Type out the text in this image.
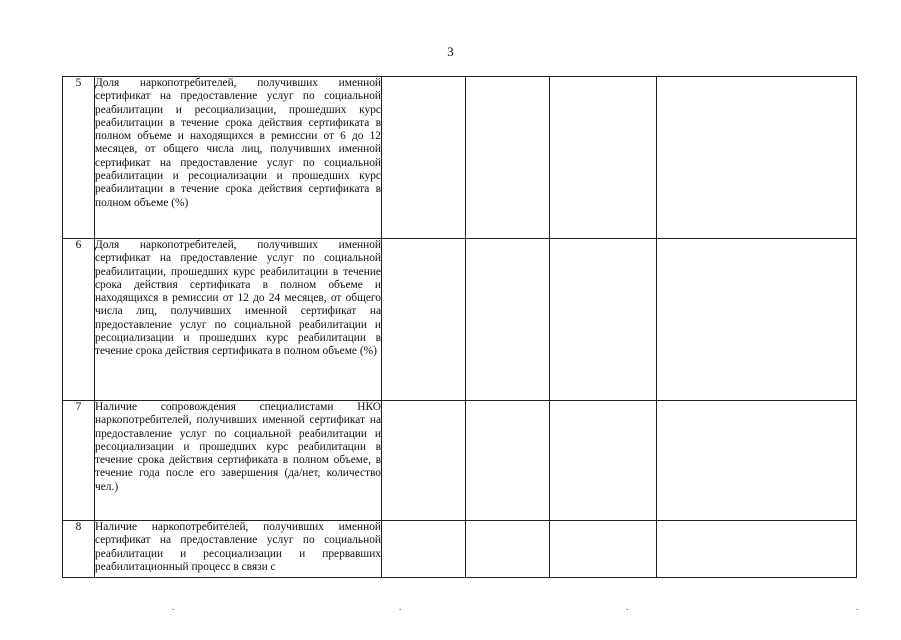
3
5	Доля наркопотребителей, получивших именной сертификат на предоставление услуг по социальной реабилитации и ресоциализации, прошедших курс реабилитации в течение срока действия сертификата в полном объеме и находящихся в ремиссии от 6 до 12 месяцев, от общего числа лиц, получивших именной сертификат на предоставление услуг по социальной реабилитации и ресоциализации и прошедших курс реабилитации в течение срока действия сертификата в полном объеме (%)				
6	Доля наркопотребителей, получивших именной сертификат на предоставление услуг по социальной реабилитации, прошедших курс реабилитации в течение срока действия сертификата в полном объеме и находящихся в ремиссии от 12 до 24 месяцев, от общего числа лиц, получивших именной сертификат на предоставление услуг по социальной реабилитации и ресоциализации и прошедших курс реабилитации в течение срока действия сертификата в полном объеме (%)				
7	Наличие сопровождения специалистами НКО наркопотребителей, получивших именной сертификат на предоставление услуг по социальной реабилитации и ресоциализации и прошедших курс реабилитации в течение срока действия сертификата в полном объеме, в течение года после его завершения (да/нет, количество чел.)				
8	Наличие наркопотребителей, получивших именной сертификат на предоставление услуг по социальной реабилитации и ресоциализации и прервавших реабилитационный процесс в связи с				

.	.	.	.
